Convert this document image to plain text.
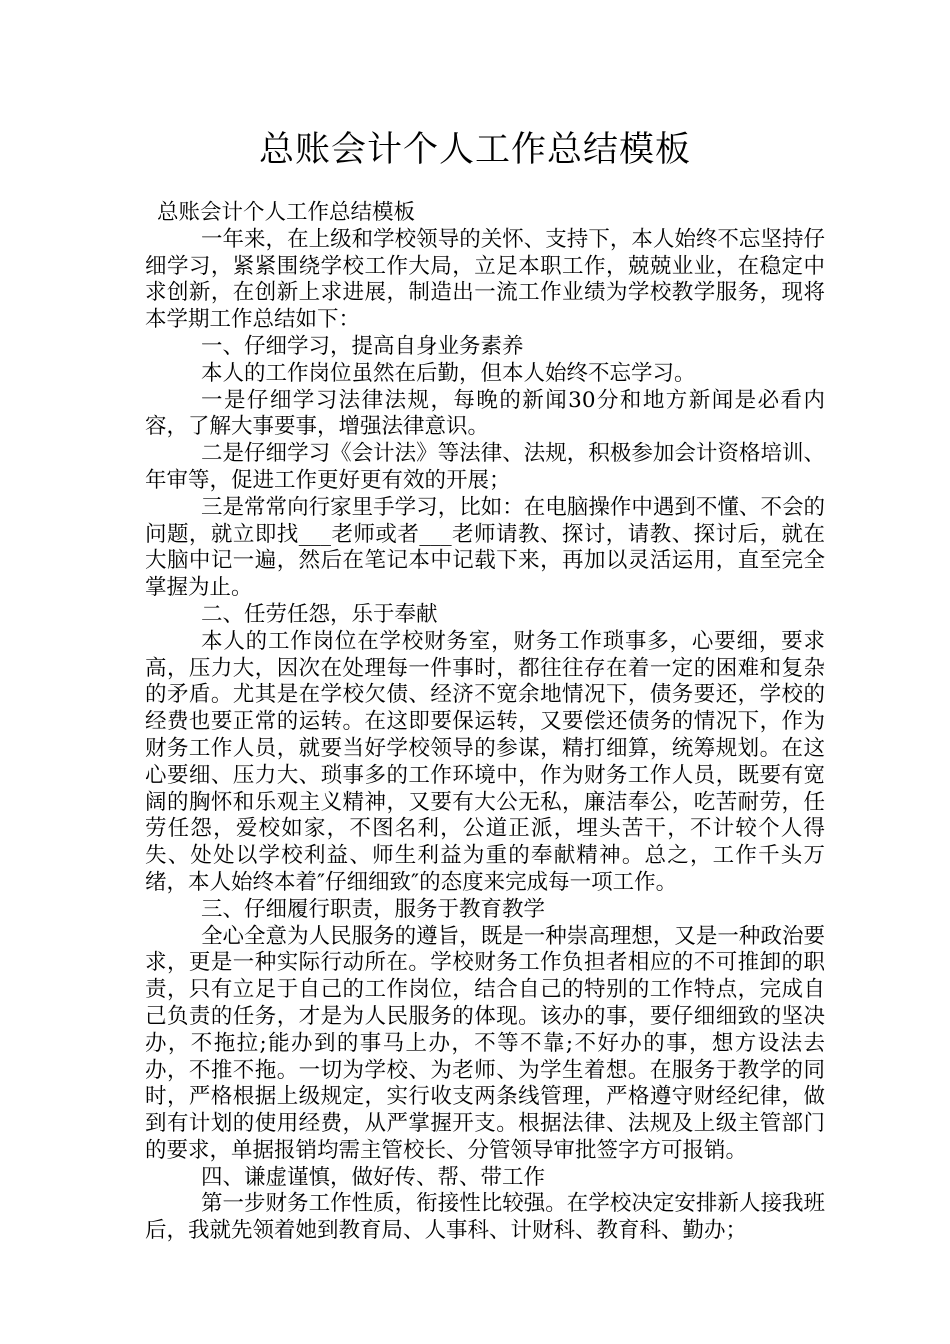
总账会计个人工作总结模板

总账会计个人工作总结模板

一年来，在上级和学校领导的关怀、支持下，本人始终不忘坚持仔细学习，紧紧围绕学校工作大局，立足本职工作，兢兢业业，在稳定中求创新，在创新上求进展，制造出一流工作业绩为学校教学服务，现将本学期工作总结如下：

一、仔细学习，提高自身业务素养

本人的工作岗位虽然在后勤，但本人始终不忘学习。

一是仔细学习法律法规，每晚的新闻30分和地方新闻是必看内容，了解大事要事，增强法律意识。

二是仔细学习《会计法》等法律、法规，积极参加会计资格培训、年审等，促进工作更好更有效的开展；

三是常常向行家里手学习，比如：在电脑操作中遇到不懂、不会的问题，就立即找___老师或者___老师请教、探讨，请教、探讨后，就在大脑中记一遍，然后在笔记本中记载下来，再加以灵活运用，直至完全掌握为止。

二、任劳任怨，乐于奉献

本人的工作岗位在学校财务室，财务工作琐事多，心要细，要求高，压力大，因次在处理每一件事时，都往往存在着一定的困难和复杂的矛盾。尤其是在学校欠债、经济不宽余地情况下，债务要还，学校的经费也要正常的运转。在这即要保运转，又要偿还债务的情况下，作为财务工作人员，就要当好学校领导的参谋，精打细算，统筹规划。在这心要细、压力大、琐事多的工作环境中，作为财务工作人员，既要有宽阔的胸怀和乐观主义精神，又要有大公无私，廉洁奉公，吃苦耐劳，任劳任怨，爱校如家，不图名利，公道正派，埋头苦干，不计较个人得失、处处以学校利益、师生利益为重的奉献精神。总之，工作千头万绪，本人始终本着″仔细细致″的态度来完成每一项工作。

三、仔细履行职责，服务于教育教学

全心全意为人民服务的遵旨，既是一种崇高理想，又是一种政治要求，更是一种实际行动所在。学校财务工作负担者相应的不可推卸的职责，只有立足于自己的工作岗位，结合自己的特别的工作特点，完成自己负责的任务，才是为人民服务的体现。该办的事，要仔细细致的坚决办，不拖拉;能办到的事马上办，不等不靠;不好办的事，想方设法去办，不推不拖。一切为学校、为老师、为学生着想。在服务于教学的同时，严格根据上级规定，实行收支两条线管理，严格遵守财经纪律，做到有计划的使用经费，从严掌握开支。根据法律、法规及上级主管部门的要求，单据报销均需主管校长、分管领导审批签字方可报销。

四、谦虚谨慎，做好传、帮、带工作

第一步财务工作性质，衔接性比较强。在学校决定安排新人接我班后，我就先领着她到教育局、人事科、计财科、教育科、勤办；
